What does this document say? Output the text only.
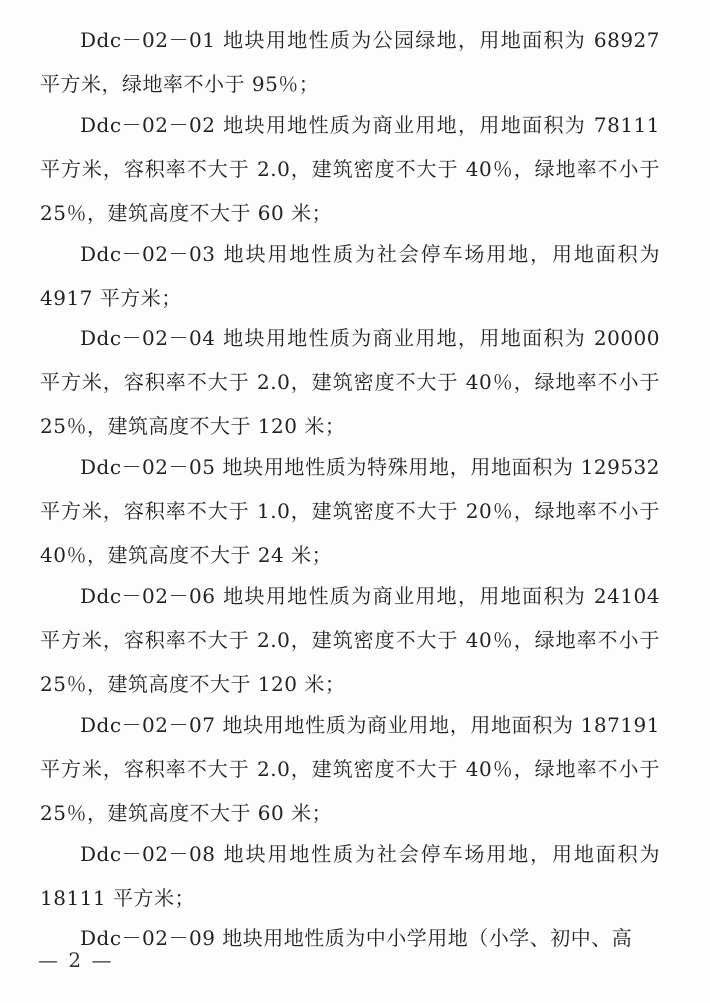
Ddc－02－01 地块用地性质为公园绿地，用地面积为 68927 平方米，绿地率不小于 95％；

Ddc－02－02 地块用地性质为商业用地，用地面积为 78111 平方米，容积率不大于 2.0，建筑密度不大于 40％，绿地率不小于 25％，建筑高度不大于 60 米；

Ddc－02－03 地块用地性质为社会停车场用地，用地面积为 4917 平方米；

Ddc－02－04 地块用地性质为商业用地，用地面积为 20000 平方米，容积率不大于 2.0，建筑密度不大于 40％，绿地率不小于 25％，建筑高度不大于 120 米；

Ddc－02－05 地块用地性质为特殊用地，用地面积为 129532 平方米，容积率不大于 1.0，建筑密度不大于 20％，绿地率不小于 40％，建筑高度不大于 24 米；

Ddc－02－06 地块用地性质为商业用地，用地面积为 24104 平方米，容积率不大于 2.0，建筑密度不大于 40％，绿地率不小于 25％，建筑高度不大于 120 米；

Ddc－02－07 地块用地性质为商业用地，用地面积为 187191 平方米，容积率不大于 2.0，建筑密度不大于 40％，绿地率不小于 25％，建筑高度不大于 60 米；

Ddc－02－08 地块用地性质为社会停车场用地，用地面积为 18111 平方米；

Ddc－02－09 地块用地性质为中小学用地（小学、初中、高

— 2 —
